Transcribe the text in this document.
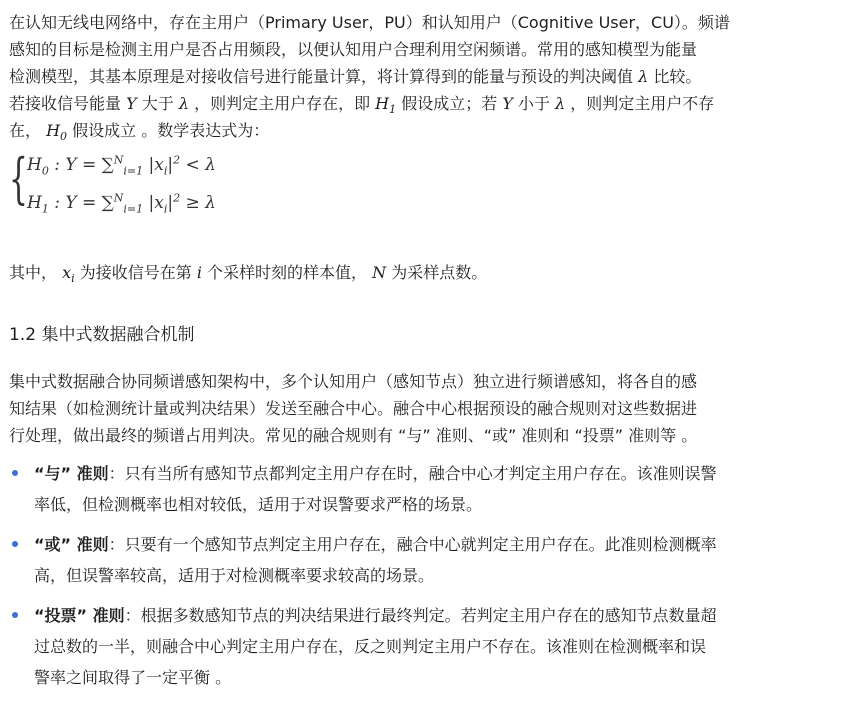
在认知无线电网络中，存在主用户（Primary User，PU）和认知用户（Cognitive User，CU）。频谱
感知的目标是检测主用户是否占用频段，以便认知用户合理利用空闲频谱。常用的感知模型为能量
检测模型，其基本原理是对接收信号进行能量计算，将计算得到的能量与预设的判决阈值 λ 比较。
若接收信号能量 Y 大于 λ ，则判定主用户存在，即 $H_1$ 假设成立；若 Y 小于 λ ，则判定主用户不存
在， $H_0$ 假设成立 。数学表达式为：

{ $H_0$ : Y = ∑$^N_{i=1}$ $|x_i|^2 < \lambda$
$H_1$ : Y = ∑$^N_{i=1}$ $|x_i|^2 \ge \lambda$

其中， $x_i$ 为接收信号在第 i 个采样时刻的样本值， N 为采样点数。

1.2 集中式数据融合机制

集中式数据融合协同频谱感知架构中，多个认知用户（感知节点）独立进行频谱感知，将各自的感
知结果（如检测统计量或判决结果）发送至融合中心。融合中心根据预设的融合规则对这些数据进
行处理，做出最终的频谱占用判决。常见的融合规则有 “与” 准则、“或” 准则和 “投票” 准则等 。

“与” 准则：只有当所有感知节点都判定主用户存在时，融合中心才判定主用户存在。该准则误警
率低，但检测概率也相对较低，适用于对误警要求严格的场景。
“或” 准则：只要有一个感知节点判定主用户存在，融合中心就判定主用户存在。此准则检测概率
高，但误警率较高，适用于对检测概率要求较高的场景。
“投票” 准则：根据多数感知节点的判决结果进行最终判定。若判定主用户存在的感知节点数量超
过总数的一半，则融合中心判定主用户存在，反之则判定主用户不存在。该准则在检测概率和误
警率之间取得了一定平衡 。
